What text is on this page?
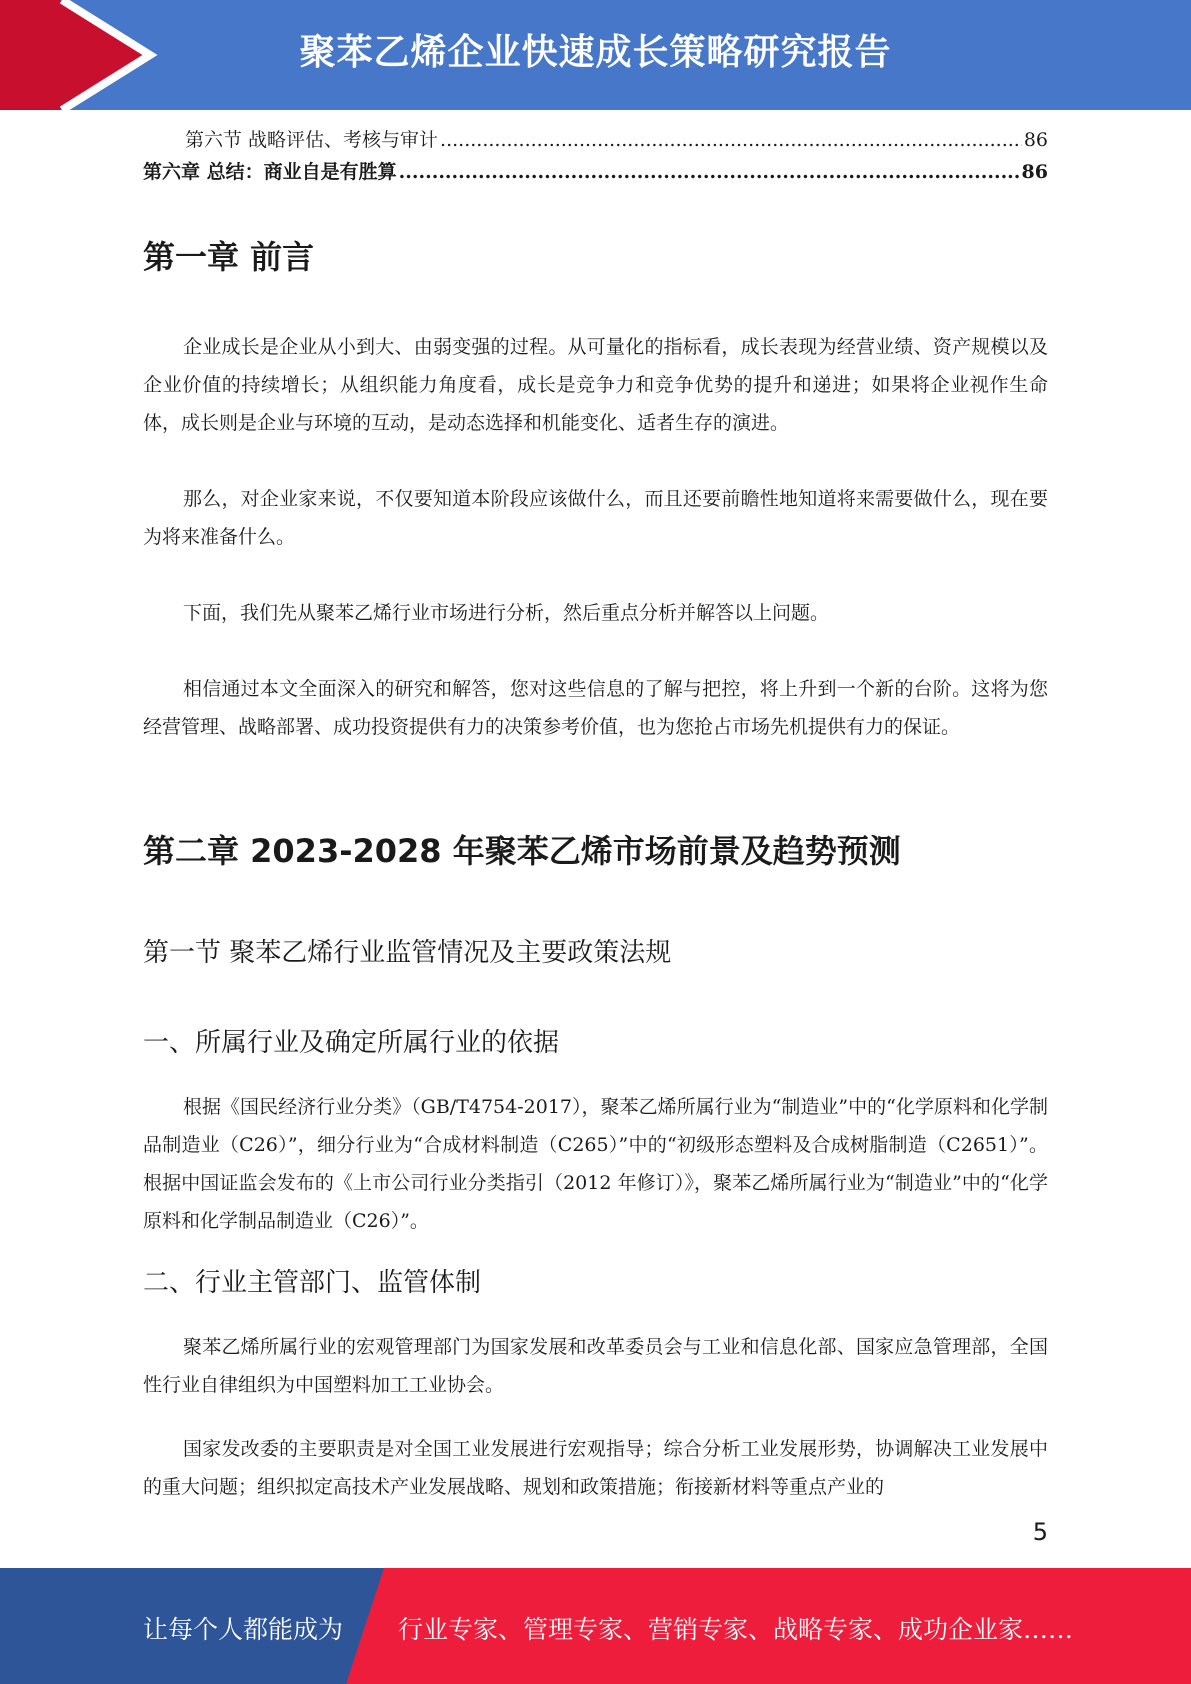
聚苯乙烯企业快速成长策略研究报告
第六节 战略评估、考核与审计 .....	86
第六章 总结：商业自是有胜算 .....	86
第一章 前言

企业成长是企业从小到大、由弱变强的过程。从可量化的指标看，成长表现为经营业绩、资产规模以及企业价值的持续增长；从组织能力角度看，成长是竞争力和竞争优势的提升和递进；如果将企业视作生命体，成长则是企业与环境的互动，是动态选择和机能变化、适者生存的演进。

那么，对企业家来说，不仅要知道本阶段应该做什么，而且还要前瞻性地知道将来需要做什么，现在要为将来准备什么。

下面，我们先从聚苯乙烯行业市场进行分析，然后重点分析并解答以上问题。

相信通过本文全面深入的研究和解答，您对这些信息的了解与把控，将上升到一个新的台阶。这将为您经营管理、战略部署、成功投资提供有力的决策参考价值，也为您抢占市场先机提供有力的保证。

第二章 2023-2028 年聚苯乙烯市场前景及趋势预测
第一节 聚苯乙烯行业监管情况及主要政策法规
一、所属行业及确定所属行业的依据

根据《国民经济行业分类》（GB/T4754-2017），聚苯乙烯所属行业为“制造业”中的“化学原料和化学制品制造业（C26）”，细分行业为“合成材料制造（C265）”中的“初级形态塑料及合成树脂制造（C2651）”。根据中国证监会发布的《上市公司行业分类指引（2012 年修订）》，聚苯乙烯所属行业为“制造业”中的“化学原料和化学制品制造业（C26）”。

二、行业主管部门、监管体制

聚苯乙烯所属行业的宏观管理部门为国家发展和改革委员会与工业和信息化部、国家应急管理部，全国性行业自律组织为中国塑料加工工业协会。

国家发改委的主要职责是对全国工业发展进行宏观指导；综合分析工业发展形势，协调解决工业发展中的重大问题；组织拟定高技术产业发展战略、规划和政策措施；衔接新材料等重点产业的

5
让每个人都能成为 行业专家、管理专家、营销专家、战略专家、成功企业家……
